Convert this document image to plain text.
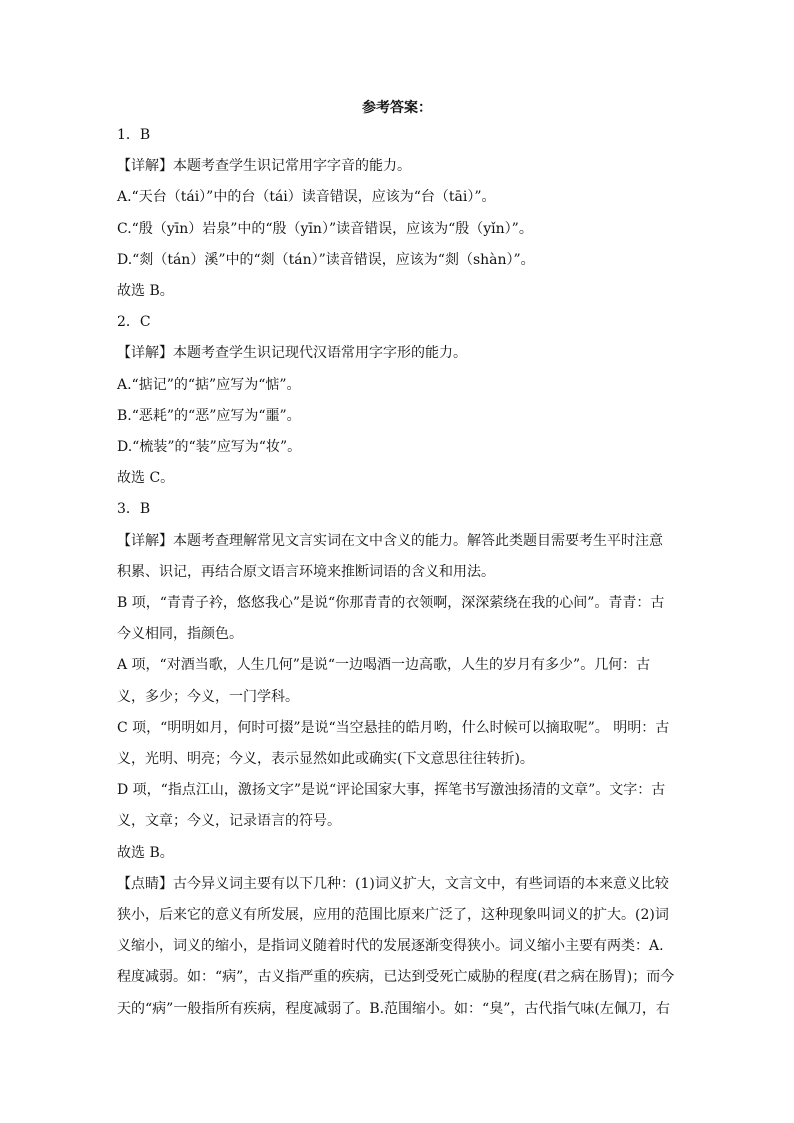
参考答案：
1．B
【详解】本题考查学生识记常用字字音的能力。
A.“天台（tái）”中的台（tái）读音错误，应该为“台（tāi）”。
C.“殷（yīn）岩泉”中的“殷（yīn）”读音错误，应该为“殷（yǐn）”。
D.“剡（tán）溪”中的“剡（tán）”读音错误，应该为“剡（shàn）”。
故选 B。
2．C
【详解】本题考查学生识记现代汉语常用字字形的能力。
A.“掂记”的“掂”应写为“惦”。
B.“恶耗”的“恶”应写为“噩”。
D.“梳装”的“装”应写为“妆”。
故选 C。
3．B
【详解】本题考查理解常见文言实词在文中含义的能力。解答此类题目需要考生平时注意
积累、识记，再结合原文语言环境来推断词语的含义和用法。
B 项，“青青子衿，悠悠我心”是说“你那青青的衣领啊，深深萦绕在我的心间”。青青：古
今义相同，指颜色。
A 项，“对酒当歌，人生几何”是说“一边喝酒一边高歌，人生的岁月有多少”。几何：古
义，多少；今义，一门学科。
C 项，“明明如月，何时可掇”是说“当空悬挂的皓月哟，什么时候可以摘取呢”。 明明：古
义，光明、明亮；今义，表示显然如此或确实(下文意思往往转折)。
D 项，“指点江山，激扬文字”是说“评论国家大事，挥笔书写激浊扬清的文章”。文字：古
义，文章；今义，记录语言的符号。
故选 B。
【点睛】古今异义词主要有以下几种：(1)词义扩大，文言文中，有些词语的本来意义比较
狭小，后来它的意义有所发展，应用的范围比原来广泛了，这种现象叫词义的扩大。(2)词
义缩小，词义的缩小，是指词义随着时代的发展逐渐变得狭小。词义缩小主要有两类：A.
程度减弱。如：“病”，古义指严重的疾病，已达到受死亡威胁的程度(君之病在肠胃)；而今
天的“病”一般指所有疾病，程度减弱了。B.范围缩小。如：“臭”，古代指气味(左佩刀，右
